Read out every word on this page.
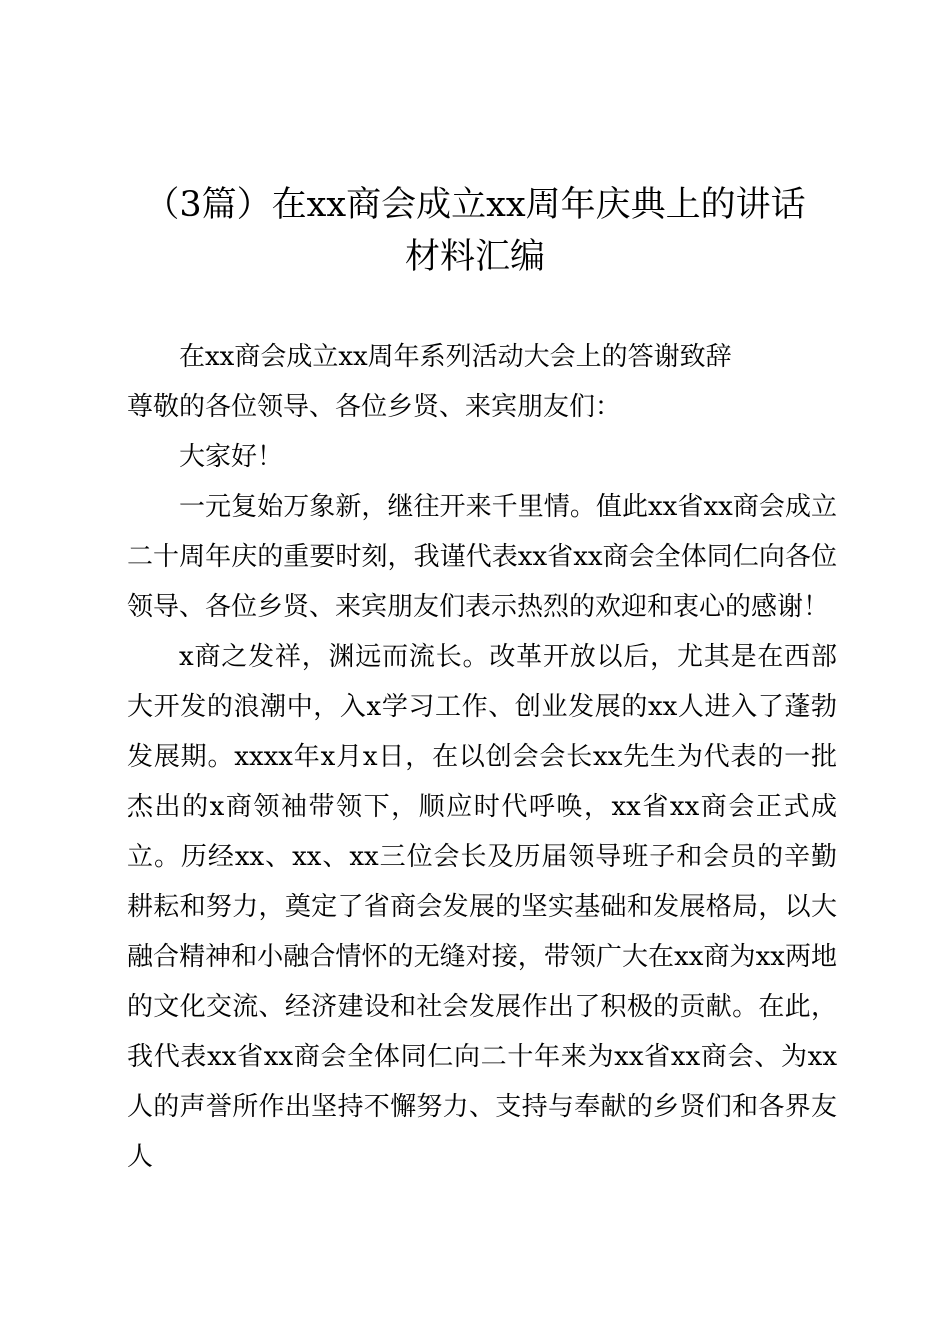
（3篇）在xx商会成立xx周年庆典上的讲话
材料汇编

在xx商会成立xx周年系列活动大会上的答谢致辞

尊敬的各位领导、各位乡贤、来宾朋友们：

大家好！

一元复始万象新，继往开来千里情。值此xx省xx商会成立二十周年庆的重要时刻，我谨代表xx省xx商会全体同仁向各位领导、各位乡贤、来宾朋友们表示热烈的欢迎和衷心的感谢！

x商之发祥，渊远而流长。改革开放以后，尤其是在西部大开发的浪潮中，入x学习工作、创业发展的xx人进入了蓬勃发展期。xxxx年x月x日，在以创会会长xx先生为代表的一批杰出的x商领袖带领下，顺应时代呼唤，xx省xx商会正式成立。历经xx、xx、xx三位会长及历届领导班子和会员的辛勤耕耘和努力，奠定了省商会发展的坚实基础和发展格局，以大融合精神和小融合情怀的无缝对接，带领广大在xx商为xx两地的文化交流、经济建设和社会发展作出了积极的贡献。在此，我代表xx省xx商会全体同仁向二十年来为xx省xx商会、为xx人的声誉所作出坚持不懈努力、支持与奉献的乡贤们和各界友人
